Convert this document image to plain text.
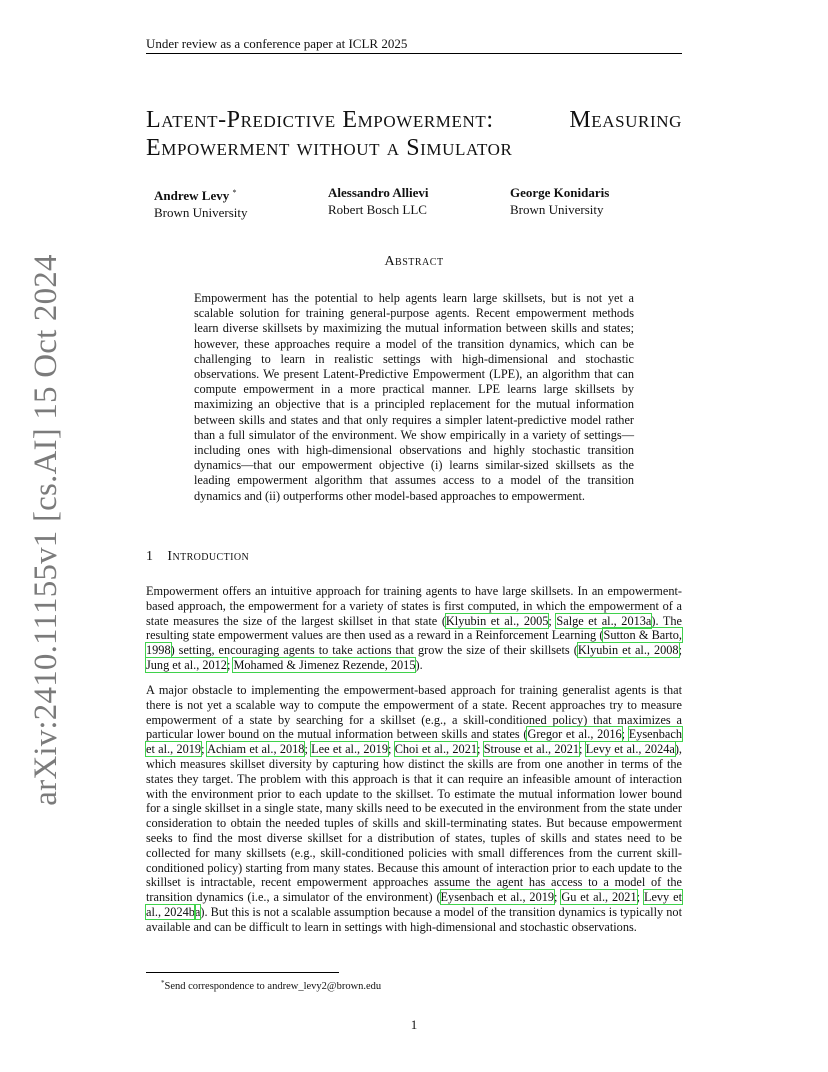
Under review as a conference paper at ICLR 2025
arXiv:2410.11155v1 [cs.AI] 15 Oct 2024
Latent-Predictive Empowerment:	Measuring
Empowerment without a Simulator
Andrew Levy *
Brown University
Alessandro Allievi
Robert Bosch LLC
George Konidaris
Brown University
Abstract
Empowerment has the potential to help agents learn large skillsets, but is not yet a scalable solution for training general-purpose agents. Recent empowerment methods learn diverse skillsets by maximizing the mutual information between skills and states; however, these approaches require a model of the transition dynamics, which can be challenging to learn in realistic settings with high-dimensional and stochastic observations. We present Latent-Predictive Empowerment (LPE), an algorithm that can compute empowerment in a more practical manner. LPE learns large skillsets by maximizing an objective that is a principled replacement for the mutual information between skills and states and that only requires a simpler latent-predictive model rather than a full simulator of the environment. We show empirically in a variety of settings— including ones with high-dimensional observations and highly stochastic transition dynamics—that our empowerment objective (i) learns similar-sized skillsets as the leading empowerment algorithm that assumes access to a model of the transition dynamics and (ii) outperforms other model-based approaches to empowerment.
1 Introduction
Empowerment offers an intuitive approach for training agents to have large skillsets. In an empowerment-based approach, the empowerment for a variety of states is first computed, in which the empowerment of a state measures the size of the largest skillset in that state (Klyubin et al., 2005; Salge et al., 2013a). The resulting state empowerment values are then used as a reward in a Reinforcement Learning (Sutton & Barto, 1998) setting, encouraging agents to take actions that grow the size of their skillsets (Klyubin et al., 2008; Jung et al., 2012; Mohamed & Jimenez Rezende, 2015).
A major obstacle to implementing the empowerment-based approach for training generalist agents is that there is not yet a scalable way to compute the empowerment of a state. Recent approaches try to measure empowerment of a state by searching for a skillset (e.g., a skill-conditioned policy) that maximizes a particular lower bound on the mutual information between skills and states (Gregor et al., 2016; Eysenbach et al., 2019; Achiam et al., 2018; Lee et al., 2019; Choi et al., 2021; Strouse et al., 2021; Levy et al., 2024a), which measures skillset diversity by capturing how distinct the skills are from one another in terms of the states they target. The problem with this approach is that it can require an infeasible amount of interaction with the environment prior to each update to the skillset. To estimate the mutual information lower bound for a single skillset in a single state, many skills need to be executed in the environment from the state under consideration to obtain the needed tuples of skills and skill-terminating states. But because empowerment seeks to find the most diverse skillset for a distribution of states, tuples of skills and states need to be collected for many skillsets (e.g., skill-conditioned policies with small differences from the current skill-conditioned policy) starting from many states. Because this amount of interaction prior to each update to the skillset is intractable, recent empowerment approaches assume the agent has access to a model of the transition dynamics (i.e., a simulator of the environment) (Eysenbach et al., 2019; Gu et al., 2021; Levy et al., 2024ba). But this is not a scalable assumption because a model of the transition dynamics is typically not available and can be difficult to learn in settings with high-dimensional and stochastic observations.
*Send correspondence to andrew_levy2@brown.edu
1
